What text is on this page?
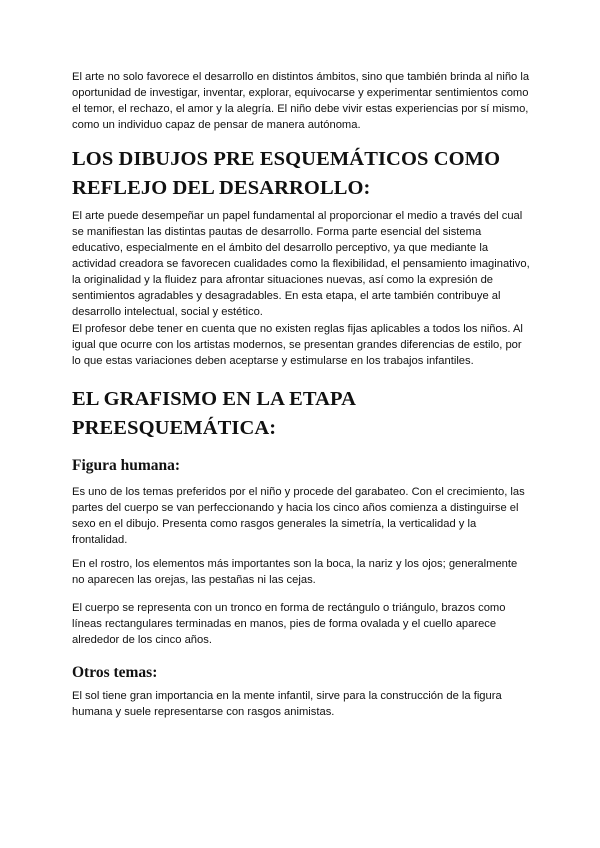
El arte no solo favorece el desarrollo en distintos ámbitos, sino que también brinda al niño la oportunidad de investigar, inventar, explorar, equivocarse y experimentar sentimientos como el temor, el rechazo, el amor y la alegría. El niño debe vivir estas experiencias por sí mismo, como un individuo capaz de pensar de manera autónoma.

LOS DIBUJOS PRE ESQUEMÁTICOS COMO REFLEJO DEL DESARROLLO:

El arte puede desempeñar un papel fundamental al proporcionar el medio a través del cual se manifiestan las distintas pautas de desarrollo. Forma parte esencial del sistema educativo, especialmente en el ámbito del desarrollo perceptivo, ya que mediante la actividad creadora se favorecen cualidades como la flexibilidad, el pensamiento imaginativo, la originalidad y la fluidez para afrontar situaciones nuevas, así como la expresión de sentimientos agradables y desagradables. En esta etapa, el arte también contribuye al desarrollo intelectual, social y estético.

El profesor debe tener en cuenta que no existen reglas fijas aplicables a todos los niños. Al igual que ocurre con los artistas modernos, se presentan grandes diferencias de estilo, por lo que estas variaciones deben aceptarse y estimularse en los trabajos infantiles.

EL GRAFISMO EN LA ETAPA PREESQUEMÁTICA:
Figura humana:

Es uno de los temas preferidos por el niño y procede del garabateo. Con el crecimiento, las partes del cuerpo se van perfeccionando y hacia los cinco años comienza a distinguirse el sexo en el dibujo. Presenta como rasgos generales la simetría, la verticalidad y la frontalidad.

En el rostro, los elementos más importantes son la boca, la nariz y los ojos; generalmente no aparecen las orejas, las pestañas ni las cejas.

El cuerpo se representa con un tronco en forma de rectángulo o triángulo, brazos como líneas rectangulares terminadas en manos, pies de forma ovalada y el cuello aparece alrededor de los cinco años.

Otros temas:

El sol tiene gran importancia en la mente infantil, sirve para la construcción de la figura humana y suele representarse con rasgos animistas.
